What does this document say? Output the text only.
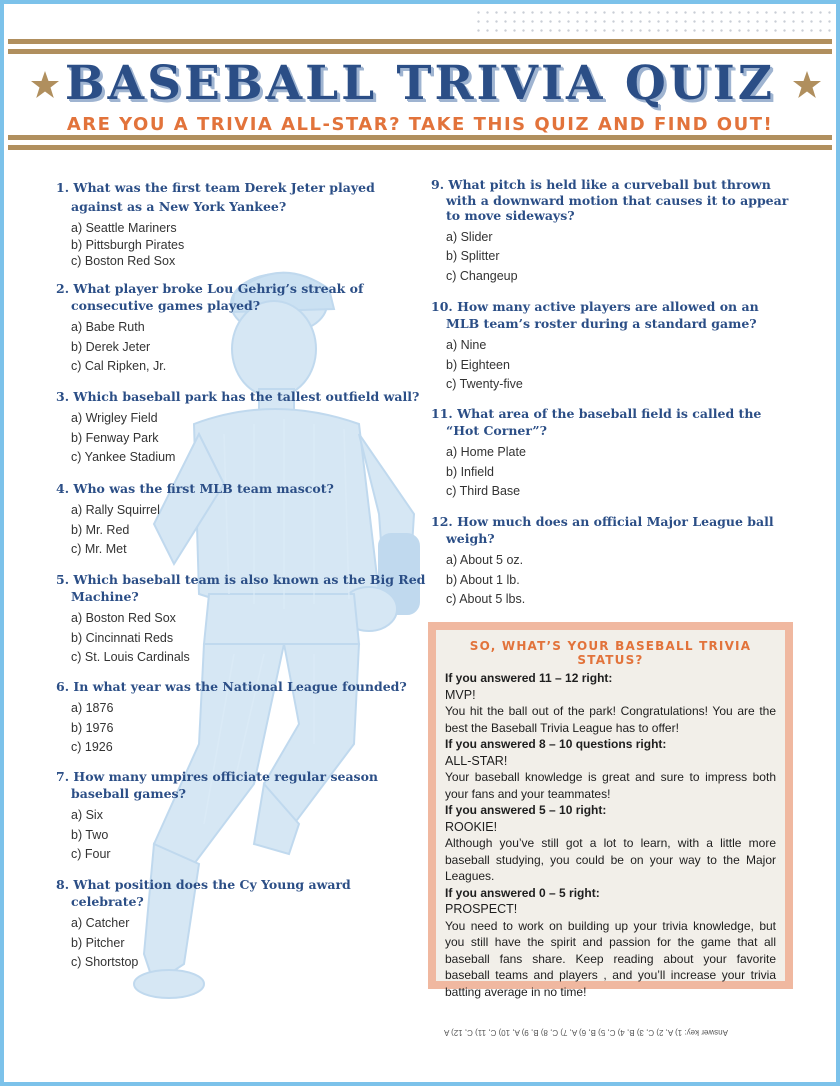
BASEBALL TRIVIA QUIZ
ARE YOU A TRIVIA ALL-STAR? TAKE THIS QUIZ AND FIND OUT!
1. What was the first team Derek Jeter played against as a New York Yankee?
a) Seattle Mariners
b) Pittsburgh Pirates
c) Boston Red Sox
2. What player broke Lou Gehrig’s streak of consecutive games played?
a) Babe Ruth
b) Derek Jeter
c) Cal Ripken, Jr.
3. Which baseball park has the tallest outfield wall?
a) Wrigley Field
b) Fenway Park
c) Yankee Stadium
4. Who was the first MLB team mascot?
a) Rally Squirrel
b) Mr. Red
c) Mr. Met
5. Which baseball team is also known as the Big Red Machine?
a) Boston Red Sox
b) Cincinnati Reds
c) St. Louis Cardinals
6. In what year was the National League founded?
a) 1876
b) 1976
c) 1926
7. How many umpires officiate regular season baseball games?
a) Six
b) Two
c) Four
8. What position does the Cy Young award celebrate?
a) Catcher
b) Pitcher
c) Shortstop
9. What pitch is held like a curveball but thrown with a downward motion that causes it to appear to move sideways?
a) Slider
b) Splitter
c) Changeup
10. How many active players are allowed on an MLB team’s roster during a standard game?
a) Nine
b) Eighteen
c) Twenty-five
11. What area of the baseball field is called the “Hot Corner”?
a) Home Plate
b) Infield
c) Third Base
12. How much does an official Major League ball weigh?
a) About 5 oz.
b) About 1 lb.
c) About 5 lbs.
SO, WHAT’S YOUR BASEBALL TRIVIA STATUS?
If you answered 11 – 12 right:
MVP!
You hit the ball out of the park! Congratulations! You are the best the Baseball Trivia League has to offer!
If you answered 8 – 10 questions right:
ALL-STAR!
Your baseball knowledge is great and sure to impress both your fans and your teammates!
If you answered 5 – 10 right:
ROOKIE!
Although you’ve still got a lot to learn, with a little more baseball studying, you could be on your way to the Major Leagues.
If you answered 0 – 5 right:
PROSPECT!
You need to work on building up your trivia knowledge, but you still have the spirit and passion for the game that all baseball fans share. Keep reading about your favorite baseball teams and players , and you’ll increase your trivia batting average in no time!
Answer key: 1) A, 2) C, 3) B, 4) C, 5) B, 6) A, 7) C, 8) B, 9) A, 10) C, 11) C, 12) A
